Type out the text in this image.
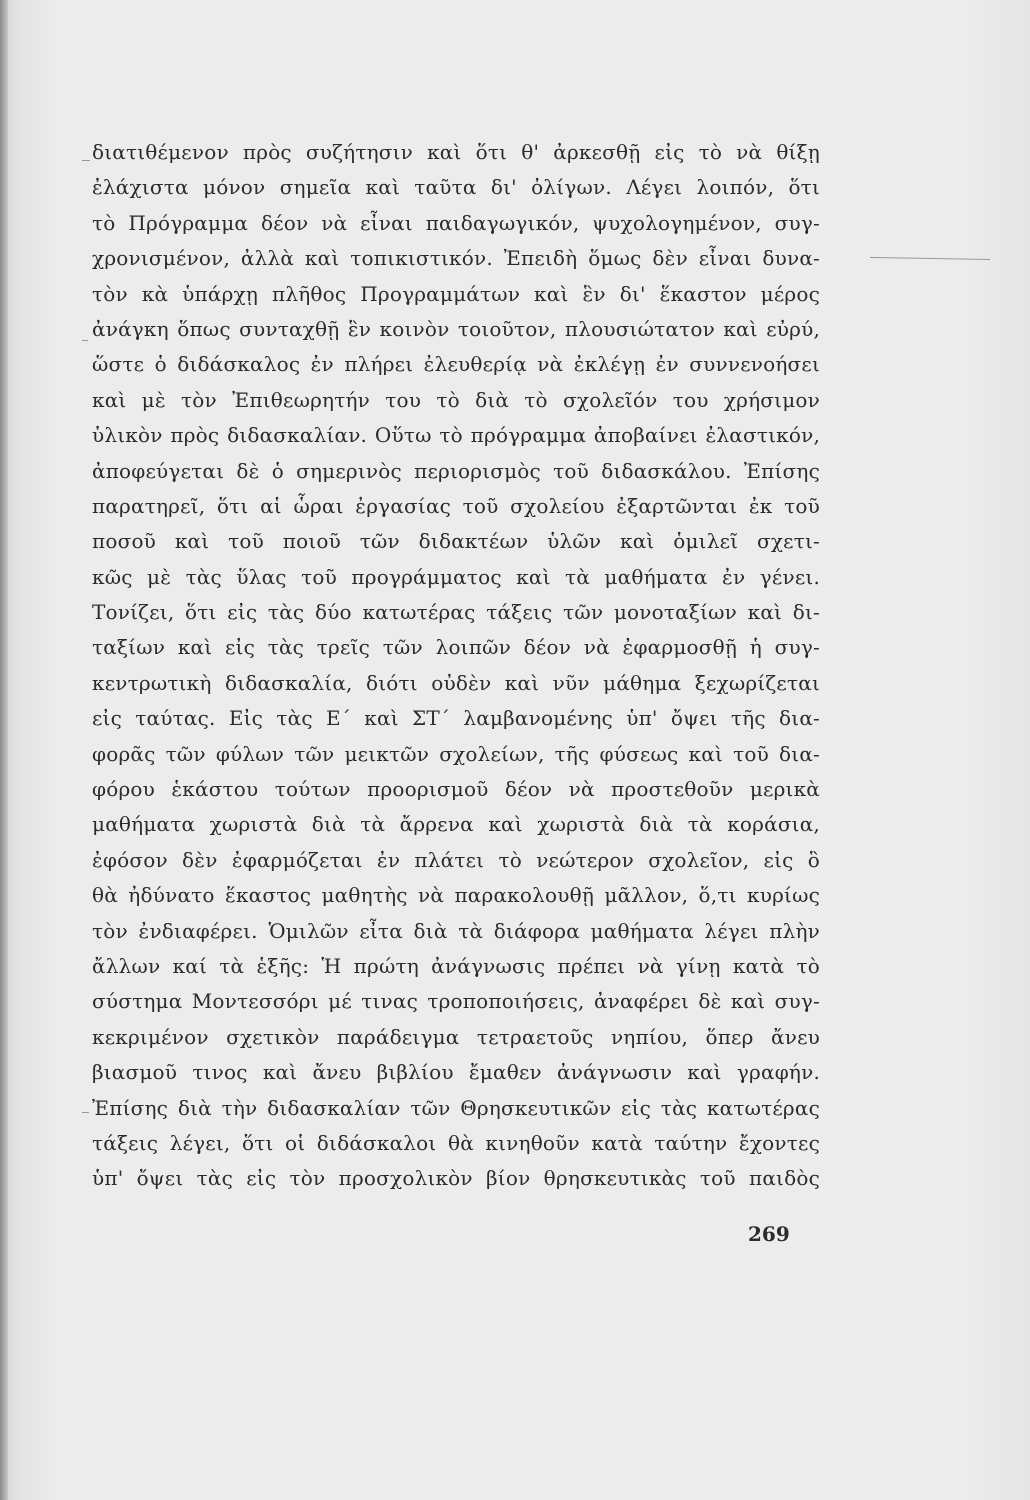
διατιθέμενον πρὸς συζήτησιν καὶ ὅτι θ' ἀρκεσθῇ εἰς τὸ νὰ θίξῃ
ἐλάχιστα μόνον σημεῖα καὶ ταῦτα δι' ὀλίγων. Λέγει λοιπόν, ὅτι
τὸ Πρόγραμμα δέον νὰ εἶναι παιδαγωγικόν, ψυχολογημένον, συγ-
χρονισμένον, ἀλλὰ καὶ τοπικιστικόν. Ἐπειδὴ ὅμως δὲν εἶναι δυνα-
τὸν κὰ ὑπάρχῃ πλῆθος Προγραμμάτων καὶ ἓν δι' ἕκαστον μέρος
ἀνάγκη ὅπως συνταχθῇ ἓν κοινὸν τοιοῦτον, πλουσιώτατον καὶ εὐρύ,
ὥστε ὁ διδάσκαλος ἐν πλήρει ἐλευθερίᾳ νὰ ἐκλέγῃ ἐν συννενοήσει
καὶ μὲ τὸν Ἐπιθεωρητήν του τὸ διὰ τὸ σχολεῖόν του χρήσιμον
ὑλικὸν πρὸς διδασκαλίαν. Οὕτω τὸ πρόγραμμα ἀποβαίνει ἐλαστικόν,
ἀποφεύγεται δὲ ὁ σημερινὸς περιορισμὸς τοῦ διδασκάλου. Ἐπίσης
παρατηρεῖ, ὅτι αἱ ὧραι ἐργασίας τοῦ σχολείου ἐξαρτῶνται ἐκ τοῦ
ποσοῦ καὶ τοῦ ποιοῦ τῶν διδακτέων ὑλῶν καὶ ὁμιλεῖ σχετι-
κῶς μὲ τὰς ὕλας τοῦ προγράμματος καὶ τὰ μαθήματα ἐν γένει.
Τονίζει, ὅτι εἰς τὰς δύο κατωτέρας τάξεις τῶν μονοταξίων καὶ δι-
ταξίων καὶ εἰς τὰς τρεῖς τῶν λοιπῶν δέον νὰ ἐφαρμοσθῇ ἡ συγ-
κεντρωτικὴ διδασκαλία, διότι οὐδὲν καὶ νῦν μάθημα ξεχωρίζεται
εἰς ταύτας. Εἰς τὰς Ε΄ καὶ ΣΤ΄ λαμβανομένης ὑπ' ὄψει τῆς δια-
φορᾶς τῶν φύλων τῶν μεικτῶν σχολείων, τῆς φύσεως καὶ τοῦ δια-
φόρου ἑκάστου τούτων προορισμοῦ δέον νὰ προστεθοῦν μερικὰ
μαθήματα χωριστὰ διὰ τὰ ἄρρενα καὶ χωριστὰ διὰ τὰ κοράσια,
ἐφόσον δὲν ἐφαρμόζεται ἐν πλάτει τὸ νεώτερον σχολεῖον, εἰς ὃ
θὰ ἠδύνατο ἕκαστος μαθητὴς νὰ παρακολουθῇ μᾶλλον, ὅ,τι κυρίως
τὸν ἐνδιαφέρει. Ὁμιλῶν εἶτα διὰ τὰ διάφορα μαθήματα λέγει πλὴν
ἄλλων καί τὰ ἑξῆς: Ἡ πρώτη ἀνάγνωσις πρέπει νὰ γίνῃ κατὰ τὸ
σύστημα Μοντεσσόρι μέ τινας τροποποιήσεις, ἀναφέρει δὲ καὶ συγ-
κεκριμένον σχετικὸν παράδειγμα τετραετοῦς νηπίου, ὅπερ ἄνευ
βιασμοῦ τινος καὶ ἄνευ βιβλίου ἔμαθεν ἀνάγνωσιν καὶ γραφήν.
Ἐπίσης διὰ τὴν διδασκαλίαν τῶν Θρησκευτικῶν εἰς τὰς κατωτέρας
τάξεις λέγει, ὅτι οἱ διδάσκαλοι θὰ κινηθοῦν κατὰ ταύτην ἔχοντες
ὑπ' ὄψει τὰς εἰς τὸν προσχολικὸν βίον θρησκευτικὰς τοῦ παιδὸς
269
